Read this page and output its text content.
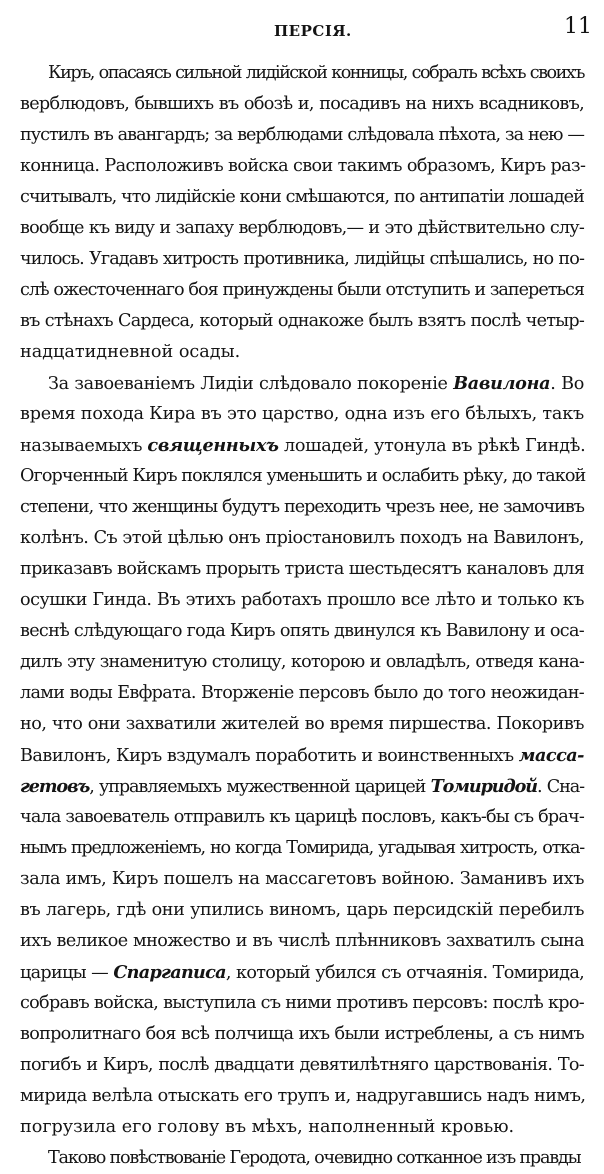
ПЕРСІЯ.	11
Киръ, опасаясь сильной лидійской конницы, собралъ всѣхъ своихъ
верблюдовъ, бывшихъ въ обозѣ и, посадивъ на нихъ всадниковъ,
пустилъ въ авангардъ; за верблюдами слѣдовала пѣхота, за нею —
конница. Расположивъ войска свои такимъ образомъ, Киръ раз-
считывалъ, что лидійскіе кони смѣшаются, по антипатіи лошадей
вообще къ виду и запаху верблюдовъ,— и это дѣйствительно слу-
чилось. Угадавъ хитрость противника, лидійцы спѣшались, но по-
слѣ ожесточеннаго боя принуждены были отступить и запереться
въ стѣнахъ Сардеса, который однакоже былъ взятъ послѣ четыр-
надцатидневной осады.
За завоеваніемъ Лидіи слѣдовало покореніе Вавилона. Во
время похода Кира въ это царство, одна изъ его бѣлыхъ, такъ
называемыхъ священныхъ лошадей, утонула въ рѣкѣ Гиндѣ.
Огорченный Киръ поклялся уменьшить и ослабить рѣку, до такой
степени, что женщины будутъ переходить чрезъ нее, не замочивъ
колѣнъ. Съ этой цѣлью онъ пріостановилъ походъ на Вавилонъ,
приказавъ войскамъ прорыть триста шестьдесятъ каналовъ для
осушки Гинда. Въ этихъ работахъ прошло все лѣто и только къ
веснѣ слѣдующаго года Киръ опять двинулся къ Вавилону и оса-
дилъ эту знаменитую столицу, которою и овладѣлъ, отведя кана-
лами воды Евфрата. Вторженіе персовъ было до того неожидан-
но, что они захватили жителей во время пиршества. Покоривъ
Вавилонъ, Киръ вздумалъ поработить и воинственныхъ масса-
гетовъ, управляемыхъ мужественной царицей Томиридой. Сна-
чала завоеватель отправилъ къ царицѣ пословъ, какъ-бы съ брач-
нымъ предложеніемъ, но когда Томирида, угадывая хитрость, отка-
зала имъ, Киръ пошелъ на массагетовъ войною. Заманивъ ихъ
въ лагерь, гдѣ они упились виномъ, царь персидскій перебилъ
ихъ великое множество и въ числѣ плѣнниковъ захватилъ сына
царицы — Спаргаписа, который убился съ отчаянія. Томирида,
собравъ войска, выступила съ ними противъ персовъ: послѣ кро-
вопролитнаго боя всѣ полчища ихъ были истреблены, а съ нимъ
погибъ и Киръ, послѣ двадцати девятилѣтняго царствованія. То-
мирида велѣла отыскать его трупъ и, надругавшись надъ нимъ,
погрузила его голову въ мѣхъ, наполненный кровью.
Таково повѣствованіе Геродота, очевидно сотканное изъ правды
